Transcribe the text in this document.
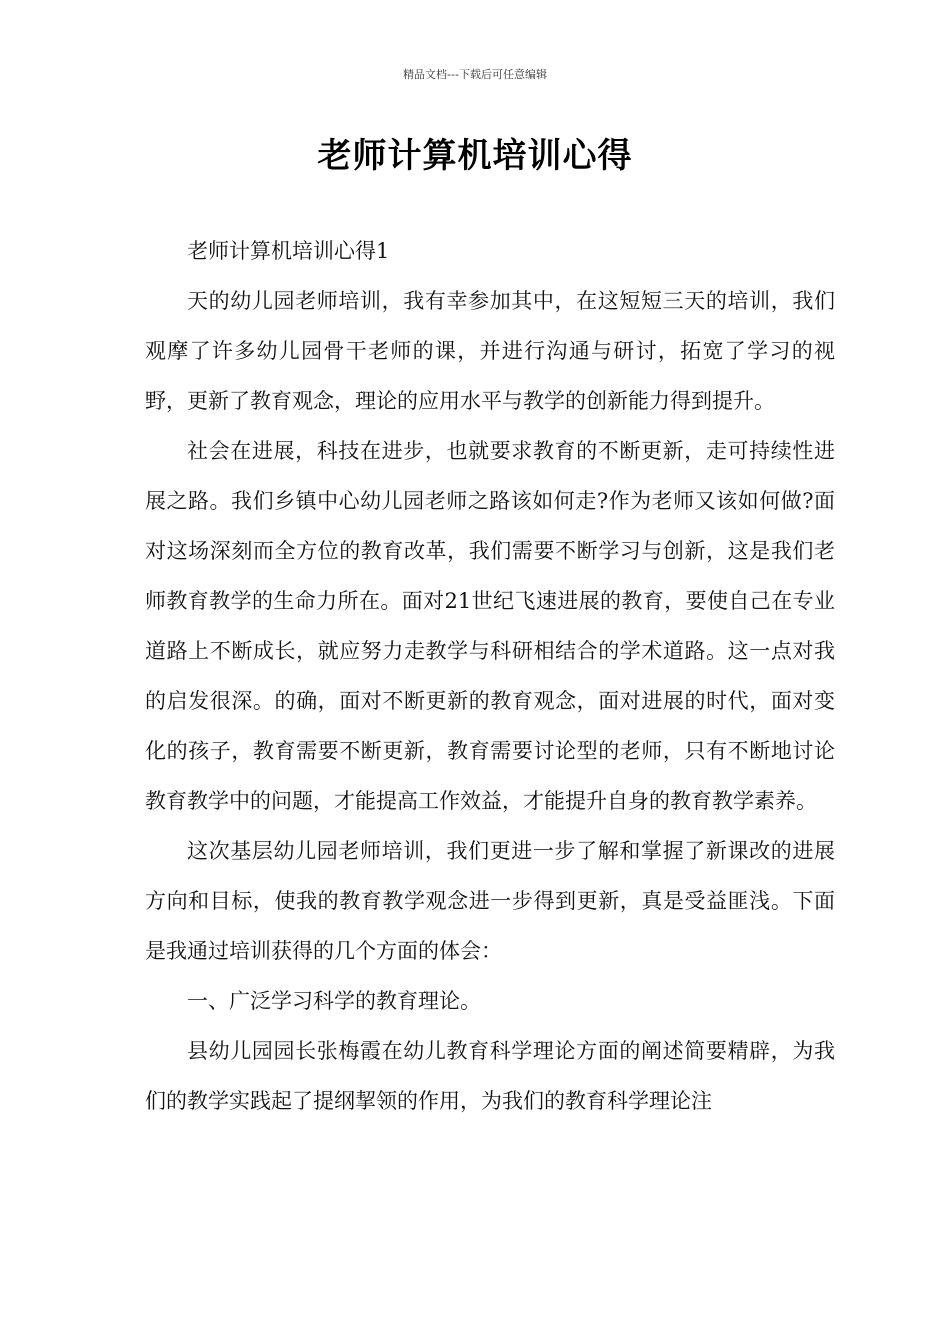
精品文档---下载后可任意编辑
老师计算机培训心得

老师计算机培训心得1

天的幼儿园老师培训，我有幸参加其中，在这短短三天的培训，我们观摩了许多幼儿园骨干老师的课，并进行沟通与研讨，拓宽了学习的视野，更新了教育观念，理论的应用水平与教学的创新能力得到提升。

社会在进展，科技在进步，也就要求教育的不断更新，走可持续性进展之路。我们乡镇中心幼儿园老师之路该如何走?作为老师又该如何做?面对这场深刻而全方位的教育改革，我们需要不断学习与创新，这是我们老师教育教学的生命力所在。面对21世纪飞速进展的教育，要使自己在专业道路上不断成长，就应努力走教学与科研相结合的学术道路。这一点对我的启发很深。的确，面对不断更新的教育观念，面对进展的时代，面对变化的孩子，教育需要不断更新，教育需要讨论型的老师，只有不断地讨论教育教学中的问题，才能提高工作效益，才能提升自身的教育教学素养。

这次基层幼儿园老师培训，我们更进一步了解和掌握了新课改的进展方向和目标，使我的教育教学观念进一步得到更新，真是受益匪浅。下面是我通过培训获得的几个方面的体会：

一、广泛学习科学的教育理论。

县幼儿园园长张梅霞在幼儿教育科学理论方面的阐述简要精辟，为我们的教学实践起了提纲挈领的作用，为我们的教育科学理论注
